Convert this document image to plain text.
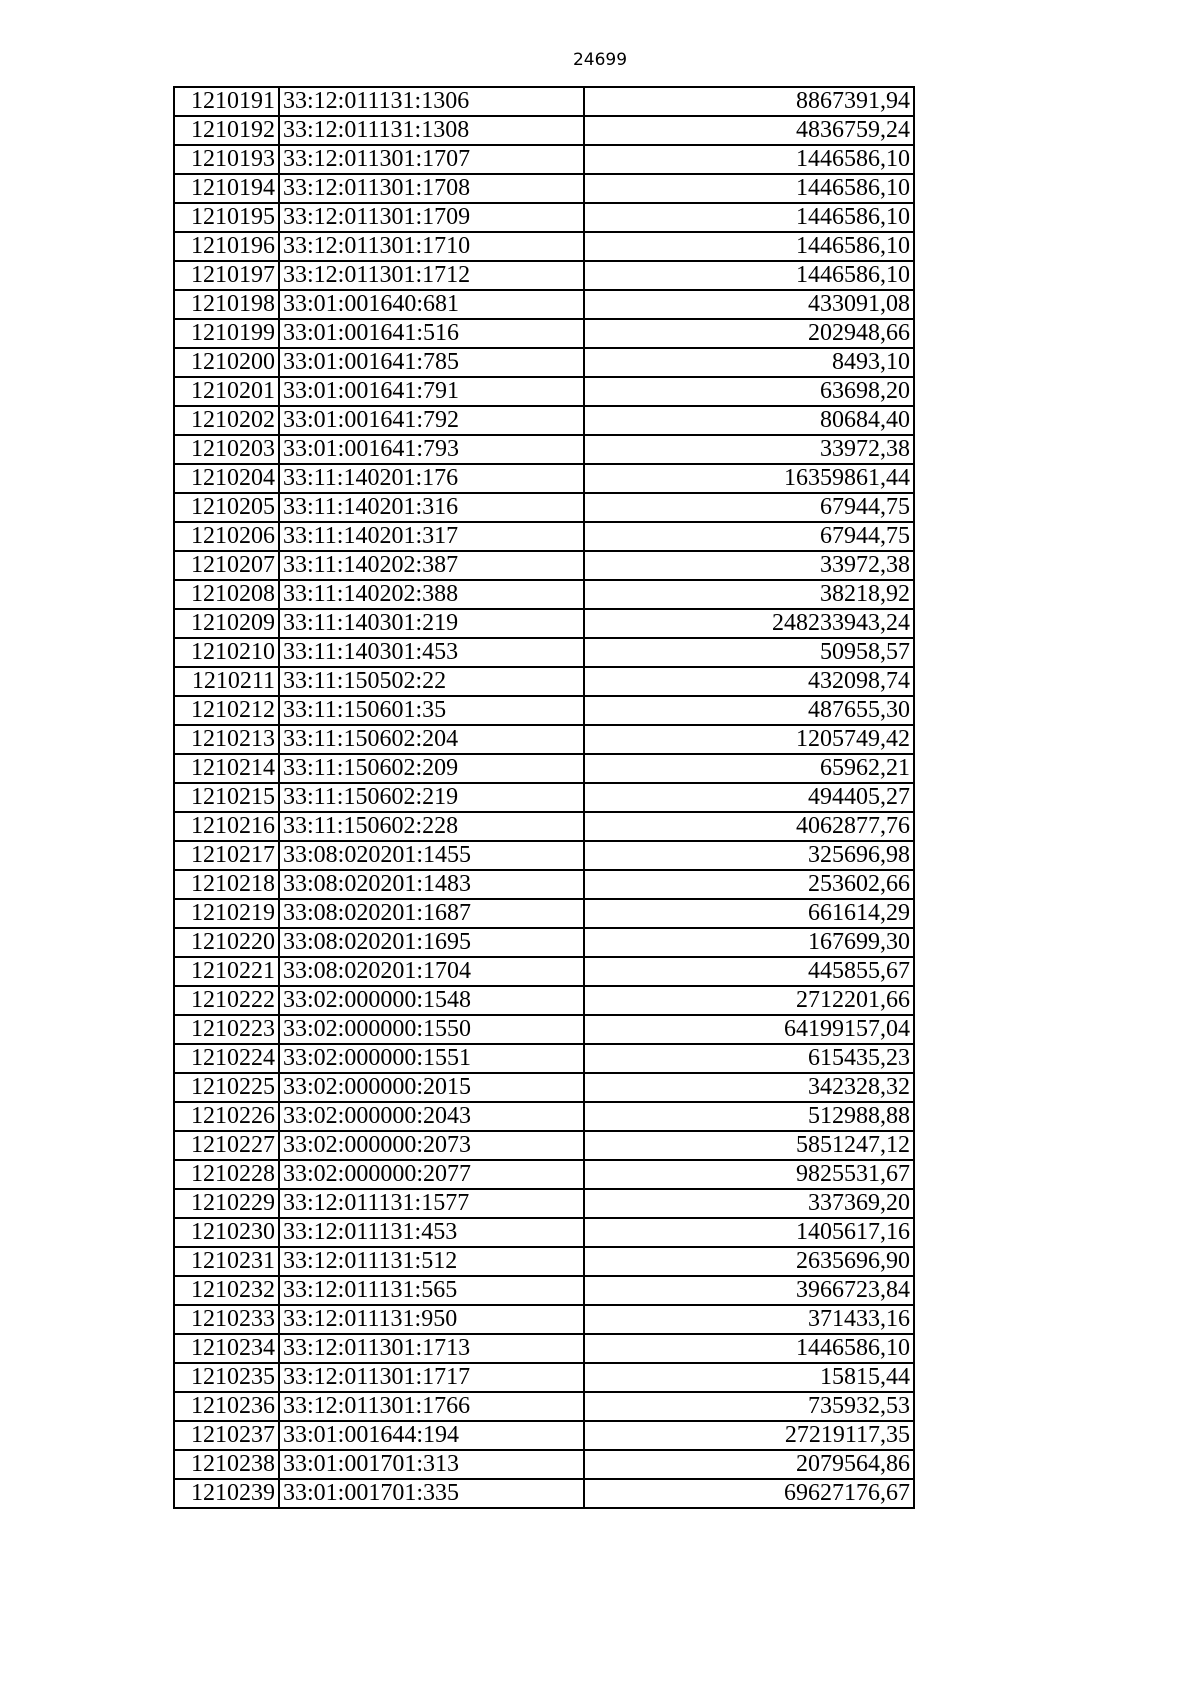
24699
1210191	33:12:011131:1306	8867391,94
1210192	33:12:011131:1308	4836759,24
1210193	33:12:011301:1707	1446586,10
1210194	33:12:011301:1708	1446586,10
1210195	33:12:011301:1709	1446586,10
1210196	33:12:011301:1710	1446586,10
1210197	33:12:011301:1712	1446586,10
1210198	33:01:001640:681	433091,08
1210199	33:01:001641:516	202948,66
1210200	33:01:001641:785	8493,10
1210201	33:01:001641:791	63698,20
1210202	33:01:001641:792	80684,40
1210203	33:01:001641:793	33972,38
1210204	33:11:140201:176	16359861,44
1210205	33:11:140201:316	67944,75
1210206	33:11:140201:317	67944,75
1210207	33:11:140202:387	33972,38
1210208	33:11:140202:388	38218,92
1210209	33:11:140301:219	248233943,24
1210210	33:11:140301:453	50958,57
1210211	33:11:150502:22	432098,74
1210212	33:11:150601:35	487655,30
1210213	33:11:150602:204	1205749,42
1210214	33:11:150602:209	65962,21
1210215	33:11:150602:219	494405,27
1210216	33:11:150602:228	4062877,76
1210217	33:08:020201:1455	325696,98
1210218	33:08:020201:1483	253602,66
1210219	33:08:020201:1687	661614,29
1210220	33:08:020201:1695	167699,30
1210221	33:08:020201:1704	445855,67
1210222	33:02:000000:1548	2712201,66
1210223	33:02:000000:1550	64199157,04
1210224	33:02:000000:1551	615435,23
1210225	33:02:000000:2015	342328,32
1210226	33:02:000000:2043	512988,88
1210227	33:02:000000:2073	5851247,12
1210228	33:02:000000:2077	9825531,67
1210229	33:12:011131:1577	337369,20
1210230	33:12:011131:453	1405617,16
1210231	33:12:011131:512	2635696,90
1210232	33:12:011131:565	3966723,84
1210233	33:12:011131:950	371433,16
1210234	33:12:011301:1713	1446586,10
1210235	33:12:011301:1717	15815,44
1210236	33:12:011301:1766	735932,53
1210237	33:01:001644:194	27219117,35
1210238	33:01:001701:313	2079564,86
1210239	33:01:001701:335	69627176,67
